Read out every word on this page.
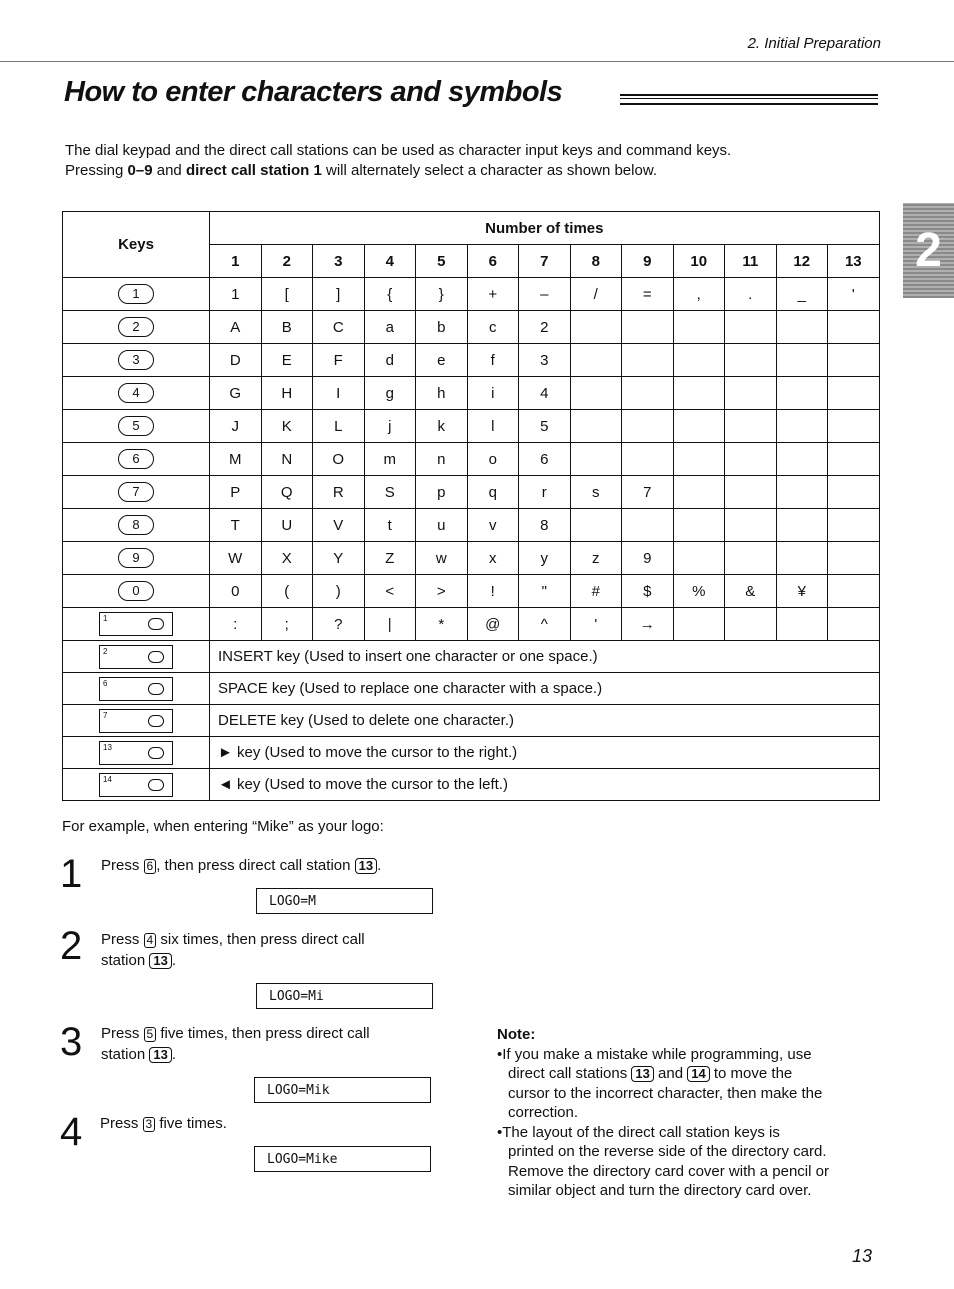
2. Initial Preparation
How to enter characters and symbols
2
The dial keypad and the direct call stations can be used as character input keys and command keys.
Pressing 0–9 and direct call station 1 will alternately select a character as shown below.
Keys	Number of times												
	1	2	3	4	5	6	7	8	9	10	11	12	13
1	1	[	]	{	}	+	–	/	=	,	.	_	'
2	A	B	C	a	b	c	2						
3	D	E	F	d	e	f	3						
4	G	H	I	g	h	i	4						
5	J	K	L	j	k	l	5						
6	M	N	O	m	n	o	6						
7	P	Q	R	S	p	q	r	s	7				
8	T	U	V	t	u	v	8						
9	W	X	Y	Z	w	x	y	z	9				
0	0	(	)	<	>	!	"	#	$	%	&	¥	

1	:	;	?	|	*	@	^	'	→				

2	INSERT key (Used to insert one character or one space.)												

6	SPACE key (Used to replace one character with a space.)												

7	DELETE key (Used to delete one character.)												

13	► key (Used to move the cursor to the right.)												

14	◄ key (Used to move the cursor to the left.)												
For example, when entering “Mike” as your logo:
1 Press 6 , then press direct call station 13 .
LOGO=M
2 Press 4 six times, then press direct call
station 13 .
LOGO=Mi
3 Press 5 five times, then press direct call
station 13 .
LOGO=Mik
4 Press 3 five times.
LOGO=Mike
Note:
•If you make a mistake while programming, use
direct call stations 13 and 14 to move the
cursor to the incorrect character, then make the
correction.
•The layout of the direct call station keys is
printed on the reverse side of the directory card.
Remove the directory card cover with a pencil or
similar object and turn the directory card over.
13
